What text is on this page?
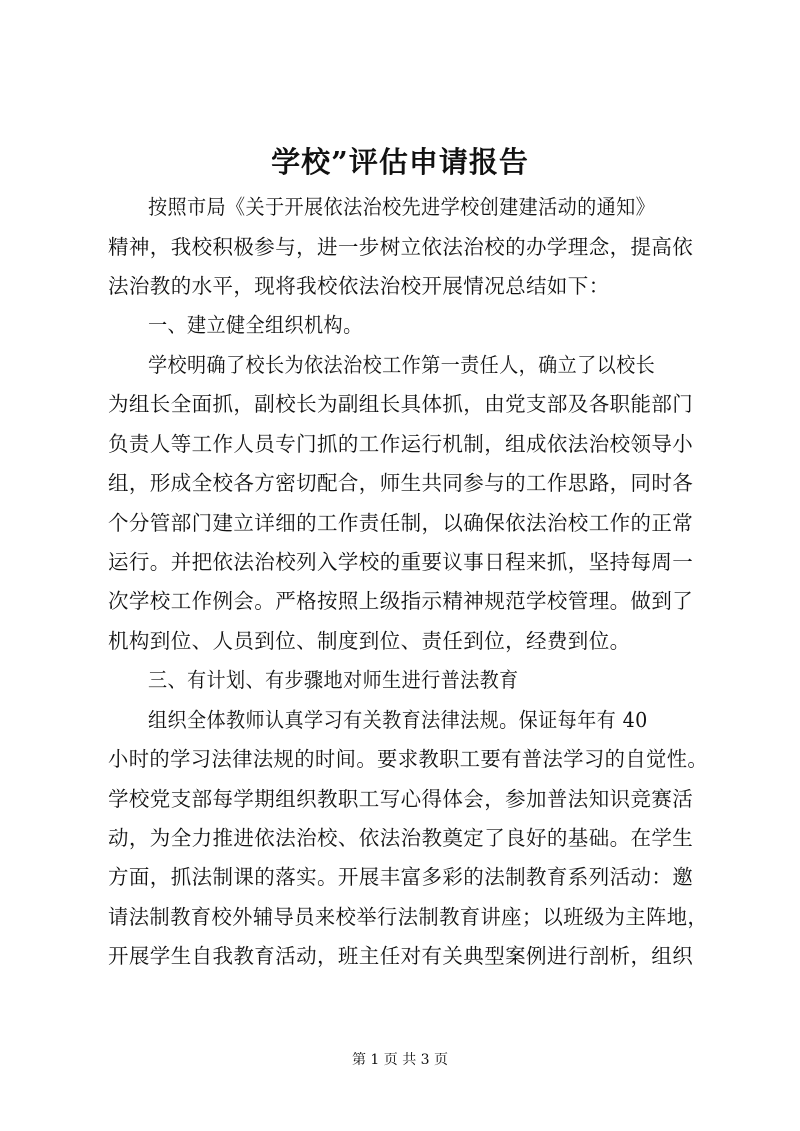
学校”评估申请报告
按照市局《关于开展依法治校先进学校创建建活动的通知》
精神，我校积极参与，进一步树立依法治校的办学理念，提高依
法治教的水平，现将我校依法治校开展情况总结如下：
一、建立健全组织机构。
学校明确了校长为依法治校工作第一责任人，确立了以校长
为组长全面抓，副校长为副组长具体抓，由党支部及各职能部门
负责人等工作人员专门抓的工作运行机制，组成依法治校领导小
组，形成全校各方密切配合，师生共同参与的工作思路，同时各
个分管部门建立详细的工作责任制，以确保依法治校工作的正常
运行。并把依法治校列入学校的重要议事日程来抓，坚持每周一
次学校工作例会。严格按照上级指示精神规范学校管理。做到了
机构到位、人员到位、制度到位、责任到位，经费到位。
三、有计划、有步骤地对师生进行普法教育
组织全体教师认真学习有关教育法律法规。保证每年有 40
小时的学习法律法规的时间。要求教职工要有普法学习的自觉性。
学校党支部每学期组织教职工写心得体会，参加普法知识竞赛活
动，为全力推进依法治校、依法治教奠定了良好的基础。在学生
方面，抓法制课的落实。开展丰富多彩的法制教育系列活动：邀
请法制教育校外辅导员来校举行法制教育讲座；以班级为主阵地，
开展学生自我教育活动，班主任对有关典型案例进行剖析，组织
第 1 页 共 3 页
